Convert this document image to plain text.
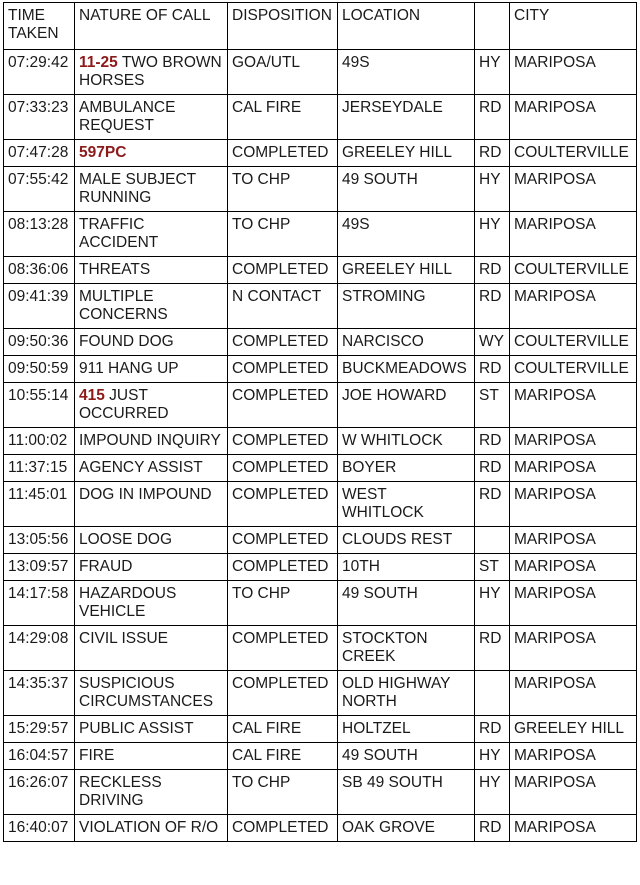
TIME TAKEN	NATURE OF CALL	DISPOSITION	LOCATION		CITY
07:29:42	11-25 TWO BROWN HORSES	GOA/UTL	49S	HY	MARIPOSA
07:33:23	AMBULANCE REQUEST	CAL FIRE	JERSEYDALE	RD	MARIPOSA
07:47:28	597PC	COMPLETED	GREELEY HILL	RD	COULTERVILLE
07:55:42	MALE SUBJECT RUNNING	TO CHP	49 SOUTH	HY	MARIPOSA
08:13:28	TRAFFIC ACCIDENT	TO CHP	49S	HY	MARIPOSA
08:36:06	THREATS	COMPLETED	GREELEY HILL	RD	COULTERVILLE
09:41:39	MULTIPLE CONCERNS	N CONTACT	STROMING	RD	MARIPOSA
09:50:36	FOUND DOG	COMPLETED	NARCISCO	WY	COULTERVILLE
09:50:59	911 HANG UP	COMPLETED	BUCKMEADOWS	RD	COULTERVILLE
10:55:14	415 JUST OCCURRED	COMPLETED	JOE HOWARD	ST	MARIPOSA
11:00:02	IMPOUND INQUIRY	COMPLETED	W WHITLOCK	RD	MARIPOSA
11:37:15	AGENCY ASSIST	COMPLETED	BOYER	RD	MARIPOSA
11:45:01	DOG IN IMPOUND	COMPLETED	WEST WHITLOCK	RD	MARIPOSA
13:05:56	LOOSE DOG	COMPLETED	CLOUDS REST		MARIPOSA
13:09:57	FRAUD	COMPLETED	10TH	ST	MARIPOSA
14:17:58	HAZARDOUS VEHICLE	TO CHP	49 SOUTH	HY	MARIPOSA
14:29:08	CIVIL ISSUE	COMPLETED	STOCKTON CREEK	RD	MARIPOSA
14:35:37	SUSPICIOUS CIRCUMSTANCES	COMPLETED	OLD HIGHWAY NORTH		MARIPOSA
15:29:57	PUBLIC ASSIST	CAL FIRE	HOLTZEL	RD	GREELEY HILL
16:04:57	FIRE	CAL FIRE	49 SOUTH	HY	MARIPOSA
16:26:07	RECKLESS DRIVING	TO CHP	SB 49 SOUTH	HY	MARIPOSA
16:40:07	VIOLATION OF R/O	COMPLETED	OAK GROVE	RD	MARIPOSA
